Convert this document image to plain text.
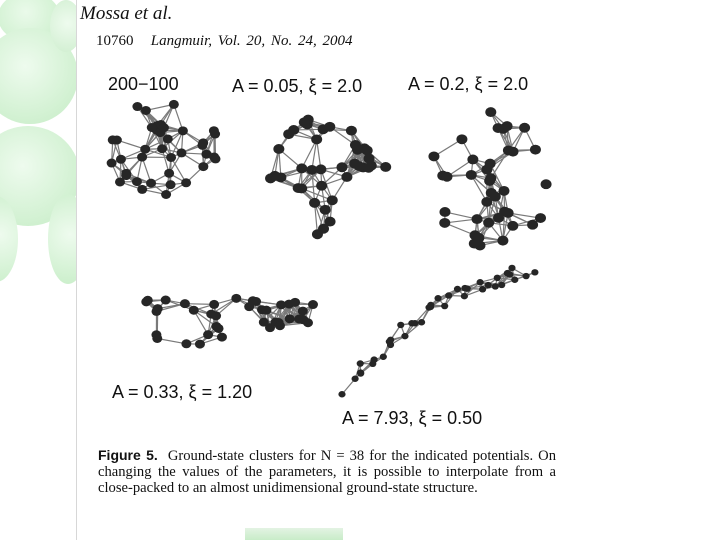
Mossa et al.
10760 Langmuir, Vol. 20, No. 24, 2004
200−100	A = 0.05, ξ = 2.0	A = 0.2, ξ = 2.0
A = 0.33, ξ = 1.20
A = 7.93, ξ = 0.50
Figure 5. Ground-state clusters for N = 38 for the indicated potentials. On changing the values of the parameters, it is possible to interpolate from a close-packed to an almost unidimensional ground-state structure.
